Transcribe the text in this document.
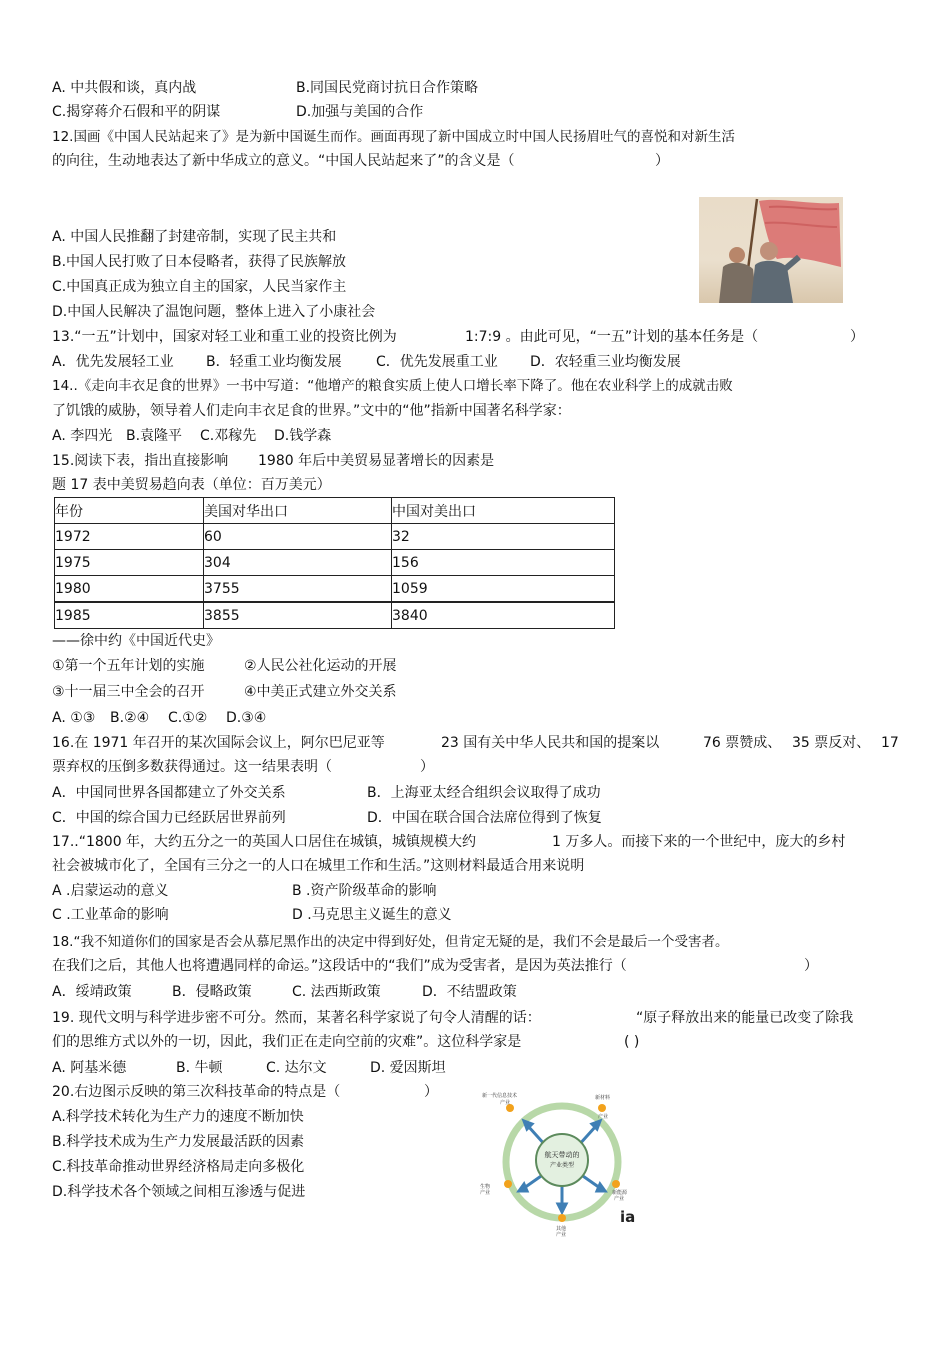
A. 中共假和谈，真内战	B.同国民党商讨抗日合作策略
C.揭穿蒋介石假和平的阴谋	D.加强与美国的合作
12.国画《中国人民站起来了》是为新中国诞生而作。画面再现了新中国成立时中国人民扬眉吐气的喜悦和对新生活
的向往，生动地表达了新中华成立的意义。“中国人民站起来了”的含义是（	）
A. 中国人民推翻了封建帝制，实现了民主共和
B.中国人民打败了日本侵略者，获得了民族解放
C.中国真正成为独立自主的国家，人民当家作主
D.中国人民解决了温饱问题，整体上进入了小康社会
13.“一五”计划中，国家对轻工业和重工业的投资比例为	1:7:9 。由此可见，“一五”计划的基本任务是（	）
A．优先发展轻工业 B．轻重工业均衡发展 C．优先发展重工业 D．农轻重三业均衡发展
14..《走向丰衣足食的世界》一书中写道：“他增产的粮食实质上使人口增长率下降了。他在农业科学上的成就击败
了饥饿的威胁，领导着人们走向丰衣足食的世界。”文中的“他”指新中国著名科学家：
A. 李四光 B.袁隆平 C.邓稼先 D.钱学森
15.阅读下表，指出直接影响 1980 年后中美贸易显著增长的因素是
题 17 表中美贸易趋向表（单位：百万美元）
年份	美国对华出口	中国对美出口
1972	60	32
1975	304	156
1980	3755	1059
1985	3855	3840
——徐中约《中国近代史》
①第一个五年计划的实施	②人民公社化运动的开展
③十一届三中全会的召开	④中美正式建立外交关系
A. ①③ B.②④ C.①② D.③④
16.在 1971 年召开的某次国际会议上，阿尔巴尼亚等	23 国有关中华人民共和国的提案以	76 票赞成、 35 票反对、 17
票弃权的压倒多数获得通过。这一结果表明（	）
A．中国同世界各国都建立了外交关系	B．上海亚太经合组织会议取得了成功
C．中国的综合国力已经跃居世界前列	D．中国在联合国合法席位得到了恢复
17..“1800 年，大约五分之一的英国人口居住在城镇，城镇规模大约	1 万多人。而接下来的一个世纪中，庞大的乡村
社会被城市化了，全国有三分之一的人口在城里工作和生活。”这则材料最适合用来说明
A .启蒙运动的意义	B .资产阶级革命的影响
C .工业革命的影响	D .马克思主义诞生的意义
18.“我不知道你们的国家是否会从慕尼黑作出的决定中得到好处，但肯定无疑的是，我们不会是最后一个受害者。
在我们之后，其他人也将遭遇同样的命运。”这段话中的“我们”成为受害者，是因为英法推行（	）
A．绥靖政策	B．侵略政策	C. 法西斯政策	D．不结盟政策
19. 现代文明与科学进步密不可分。然而，某著名科学家说了句令人清醒的话：	“原子释放出来的能量已改变了除我
们的思维方式以外的一切，因此，我们正在走向空前的灾难”。这位科学家是	( )
A. 阿基米德	B. 牛顿	C. 达尔文	D. 爱因斯坦
20.右边图示反映的第三次科技革命的特点是（	）
A.科学技术转化为生产力的速度不断加快
B.科学技术成为生产力发展最活跃的因素
C.科技革命推动世界经济格局走向多极化
D.科学技术各个领域之间相互渗透与促进
航天带动的
产业类型
新一代信息技术
产业
新材料
产业
新能源
产业
其他
产业
生物
产业
ia
